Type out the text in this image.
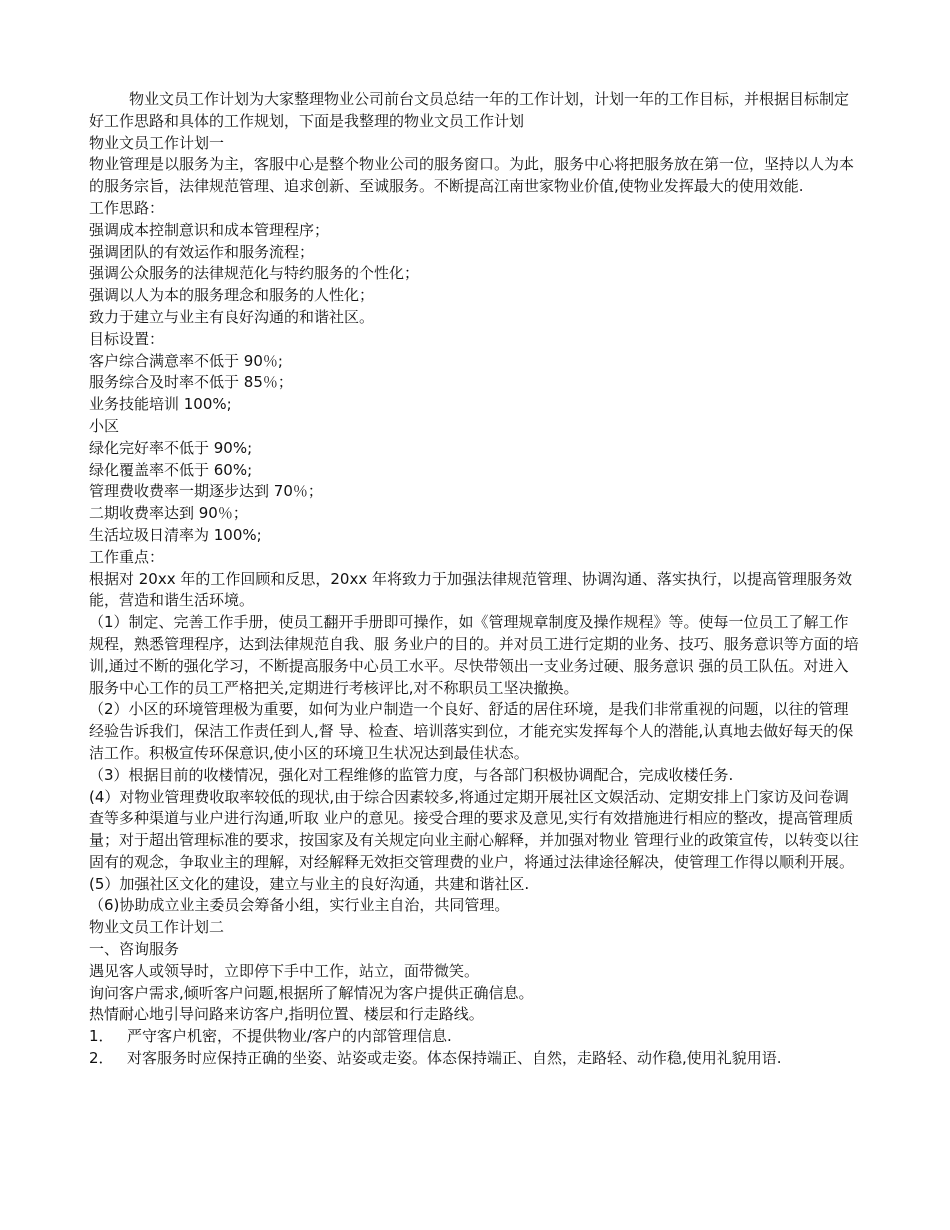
物业文员工作计划为大家整理物业公司前台文员总结一年的工作计划，计划一年的工作目标，并根据目标制定好工作思路和具体的工作规划，下面是我整理的物业文员工作计划

物业文员工作计划一

物业管理是以服务为主，客服中心是整个物业公司的服务窗口。为此，服务中心将把服务放在第一位，坚持以人为本的服务宗旨，法律规范管理、追求创新、至诚服务。不断提高江南世家物业价值,使物业发挥最大的使用效能.

工作思路：

强调成本控制意识和成本管理程序；

强调团队的有效运作和服务流程；

强调公众服务的法律规范化与特约服务的个性化；

强调以人为本的服务理念和服务的人性化；

致力于建立与业主有良好沟通的和谐社区。

目标设置：

客户综合满意率不低于 90％;

服务综合及时率不低于 85％；

业务技能培训 100%;

小区

绿化完好率不低于 90%;

绿化覆盖率不低于 60%;

管理费收费率一期逐步达到 70％；

二期收费率达到 90％；

生活垃圾日清率为 100%;

工作重点：

根据对 20xx 年的工作回顾和反思，20xx 年将致力于加强法律规范管理、协调沟通、落实执行，以提高管理服务效能，营造和谐生活环境。

（1）制定、完善工作手册，使员工翻开手册即可操作，如《管理规章制度及操作规程》等。使每一位员工了解工作规程，熟悉管理程序，达到法律规范自我、服 务业户的目的。并对员工进行定期的业务、技巧、服务意识等方面的培训,通过不断的强化学习，不断提高服务中心员工水平。尽快带领出一支业务过硬、服务意识 强的员工队伍。对进入服务中心工作的员工严格把关,定期进行考核评比,对不称职员工坚决撤换。

（2）小区的环境管理极为重要，如何为业户制造一个良好、舒适的居住环境，是我们非常重视的问题，以往的管理经验告诉我们，保洁工作责任到人,督 导、检查、培训落实到位，才能充实发挥每个人的潜能,认真地去做好每天的保洁工作。积极宣传环保意识,使小区的环境卫生状况达到最佳状态。

（3）根据目前的收楼情况，强化对工程维修的监管力度，与各部门积极协调配合，完成收楼任务.

(4）对物业管理费收取率较低的现状,由于综合因素较多,将通过定期开展社区文娱活动、定期安排上门家访及问卷调查等多种渠道与业户进行沟通,听取 业户的意见。接受合理的要求及意见,实行有效措施进行相应的整改，提高管理质量；对于超出管理标准的要求，按国家及有关规定向业主耐心解释，并加强对物业 管理行业的政策宣传，以转变以往固有的观念，争取业主的理解，对经解释无效拒交管理费的业户，将通过法律途径解决，使管理工作得以顺利开展。

(5）加强社区文化的建设，建立与业主的良好沟通，共建和谐社区.

（6)协助成立业主委员会筹备小组，实行业主自治，共同管理。

物业文员工作计划二

一、咨询服务

遇见客人或领导时，立即停下手中工作，站立，面带微笑。

询问客户需求,倾听客户问题,根据所了解情况为客户提供正确信息。

热情耐心地引导问路来访客户,指明位置、楼层和行走路线。

1． 严守客户机密，不提供物业/客户的内部管理信息.

2． 对客服务时应保持正确的坐姿、站姿或走姿。体态保持端正、自然，走路轻、动作稳,使用礼貌用语.
